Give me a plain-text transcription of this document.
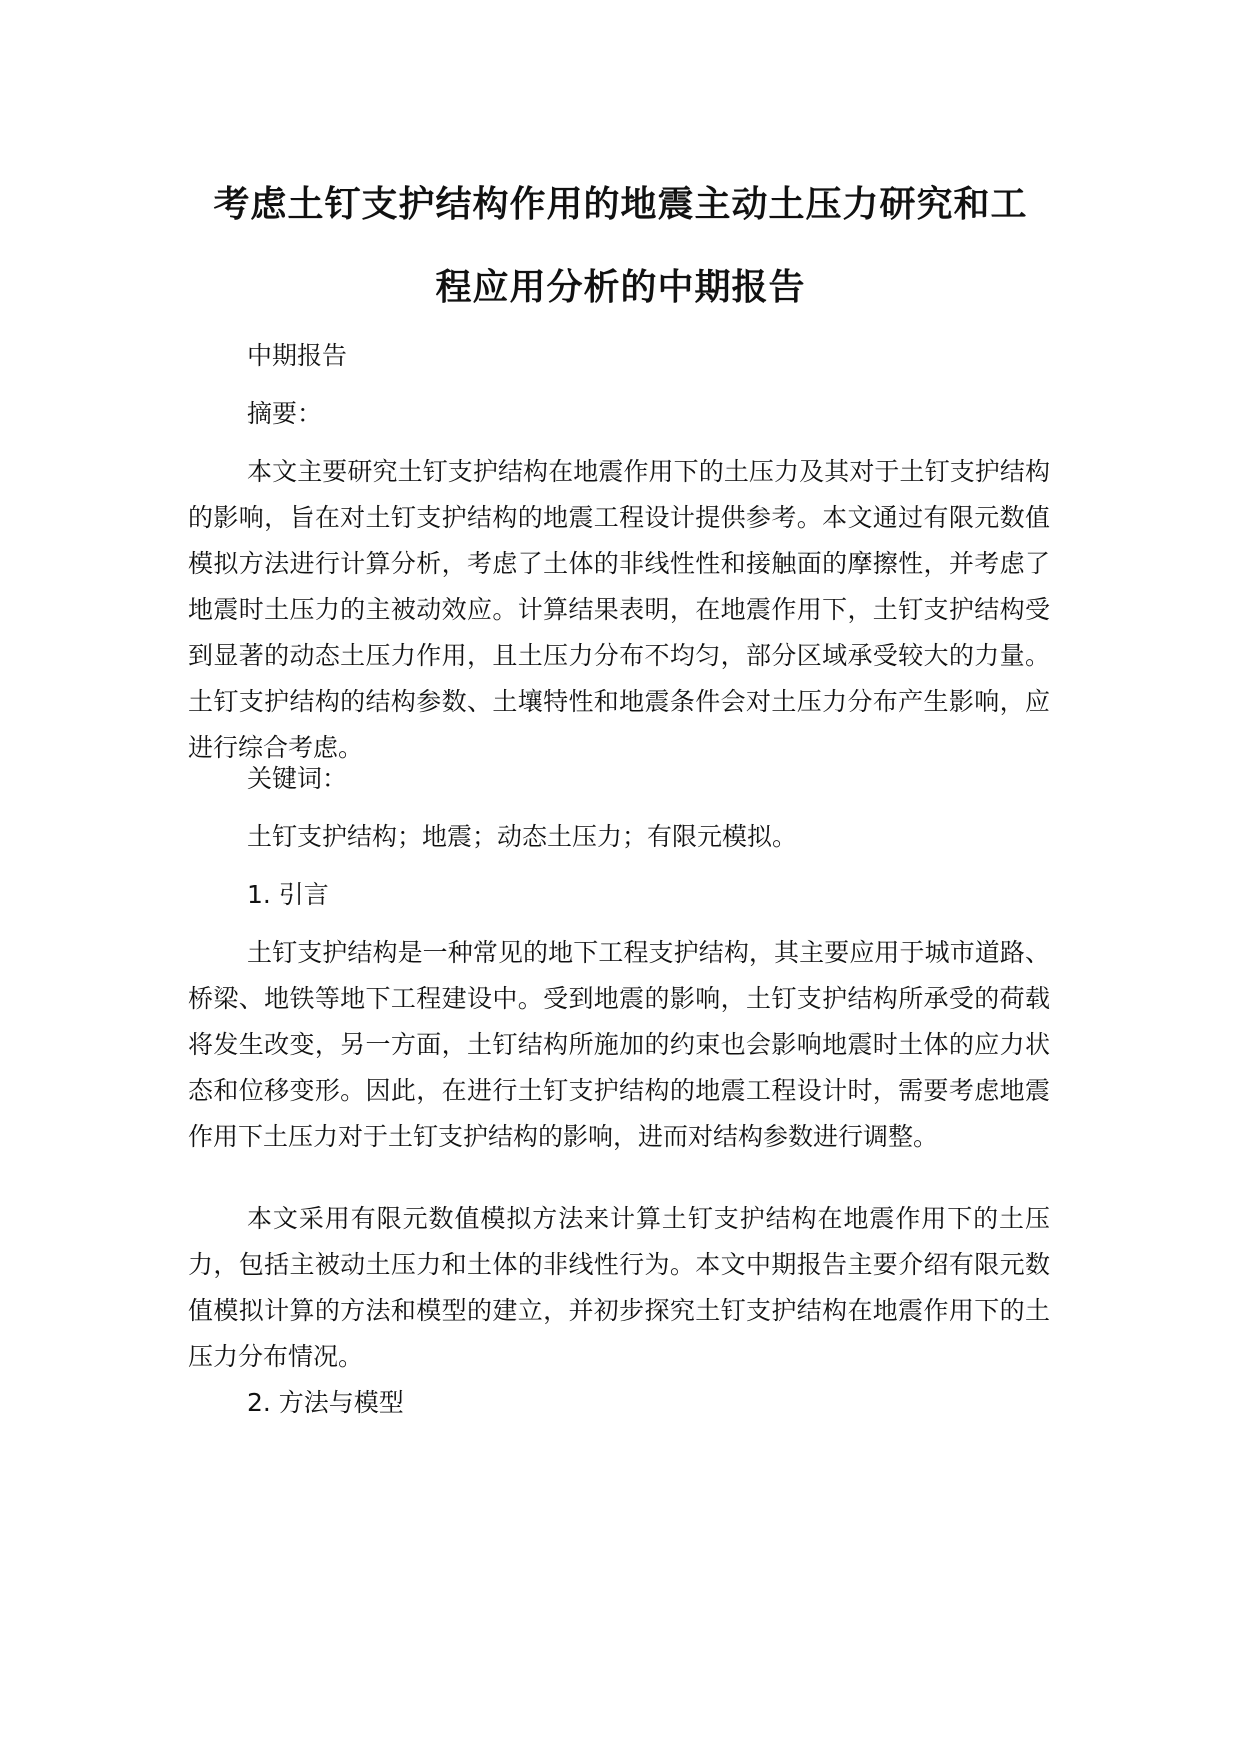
考虑土钉支护结构作用的地震主动土压力研究和工
程应用分析的中期报告

中期报告

摘要：

本文主要研究土钉支护结构在地震作用下的土压力及其对于土钉支护结构的影响，旨在对土钉支护结构的地震工程设计提供参考。本文通过有限元数值模拟方法进行计算分析，考虑了土体的非线性性和接触面的摩擦性，并考虑了地震时土压力的主被动效应。计算结果表明，在地震作用下，土钉支护结构受到显著的动态土压力作用，且土压力分布不均匀，部分区域承受较大的力量。土钉支护结构的结构参数、土壤特性和地震条件会对土压力分布产生影响，应进行综合考虑。

关键词：

土钉支护结构；地震；动态土压力；有限元模拟。

1. 引言

土钉支护结构是一种常见的地下工程支护结构，其主要应用于城市道路、桥梁、地铁等地下工程建设中。受到地震的影响，土钉支护结构所承受的荷载将发生改变，另一方面，土钉结构所施加的约束也会影响地震时土体的应力状态和位移变形。因此，在进行土钉支护结构的地震工程设计时，需要考虑地震作用下土压力对于土钉支护结构的影响，进而对结构参数进行调整。

本文采用有限元数值模拟方法来计算土钉支护结构在地震作用下的土压力，包括主被动土压力和土体的非线性行为。本文中期报告主要介绍有限元数值模拟计算的方法和模型的建立，并初步探究土钉支护结构在地震作用下的土压力分布情况。

2. 方法与模型
